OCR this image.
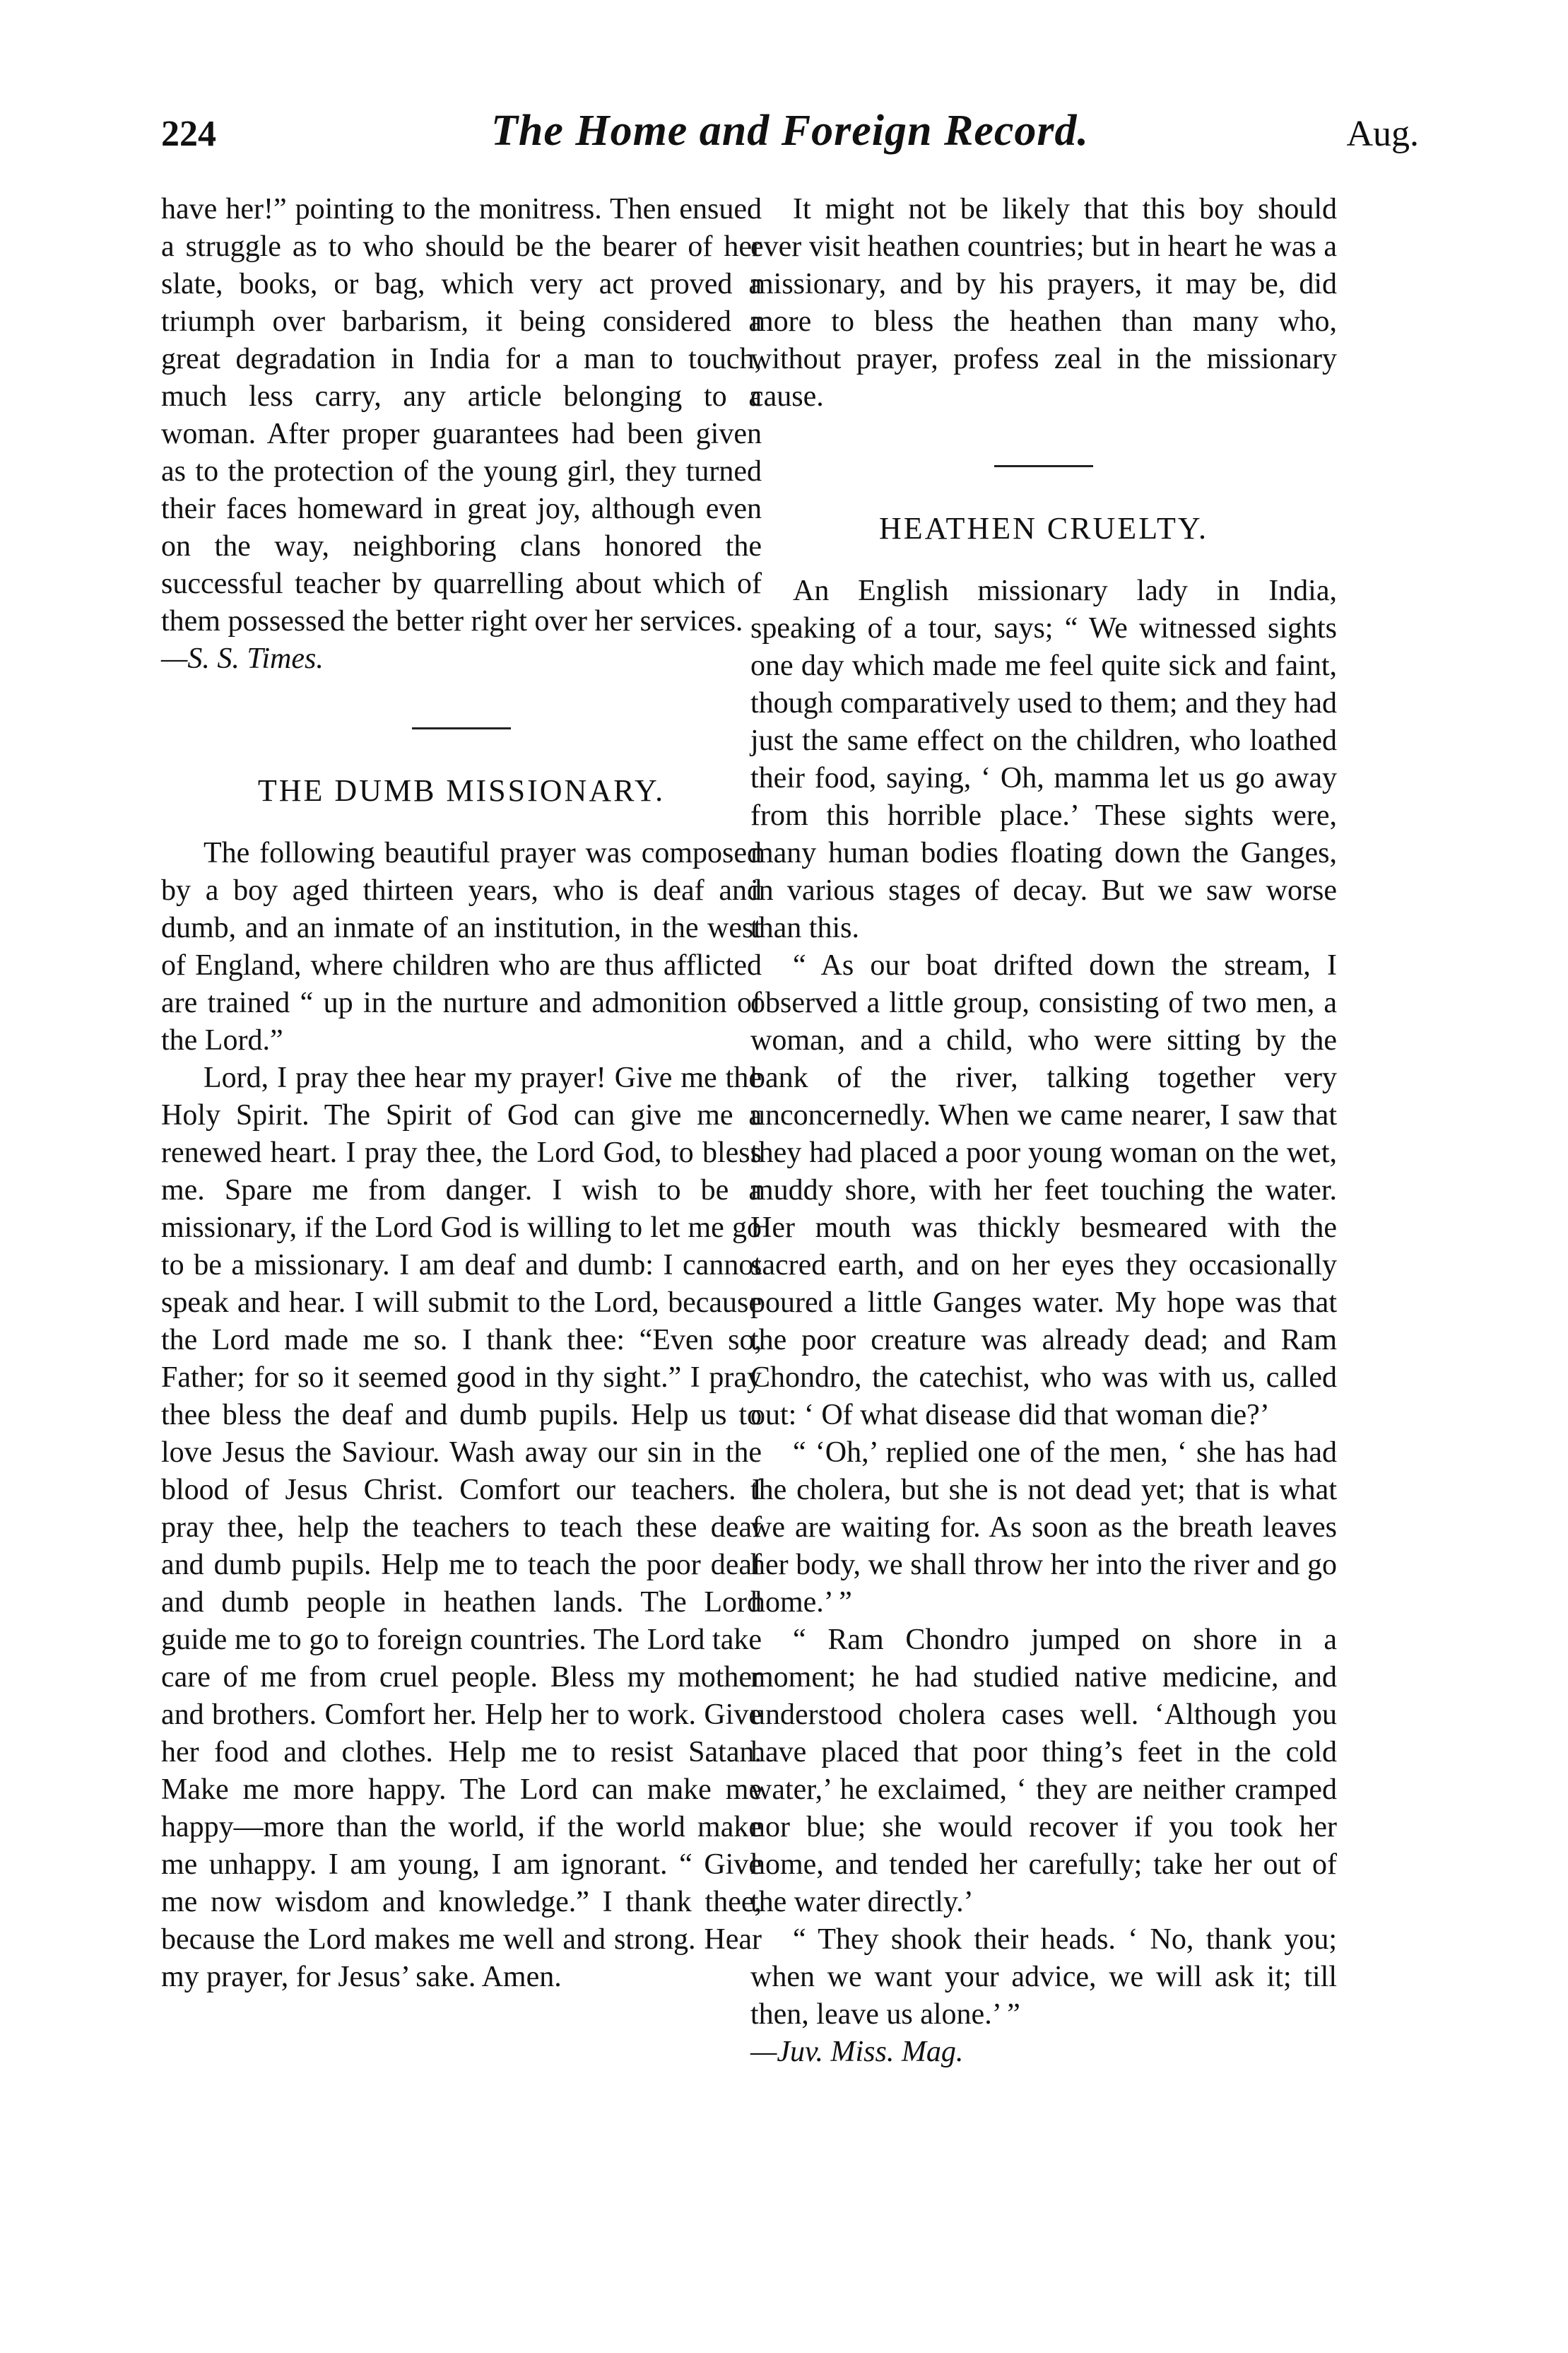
224	The Home and Foreign Record.	Aug.

have her!” pointing to the monitress. Then ensued a struggle as to who should be the bearer of her slate, books, or bag, which very act proved a triumph over barbarism, it being considered a great degradation in India for a man to touch, much less carry, any article belonging to a woman. After proper guarantees had been given as to the protection of the young girl, they turned their faces homeward in great joy, although even on the way, neighboring clans honored the successful teacher by quarrelling about which of them possessed the better right over her services.

—S. S. Times.

THE DUMB MISSIONARY.

The following beautiful prayer was composed by a boy aged thirteen years, who is deaf and dumb, and an inmate of an institution, in the west of England, where children who are thus afflicted are trained “ up in the nurture and admonition of the Lord.”

Lord, I pray thee hear my prayer! Give me the Holy Spirit. The Spirit of God can give me a renewed heart. I pray thee, the Lord God, to bless me. Spare me from danger. I wish to be a missionary, if the Lord God is willing to let me go to be a missionary. I am deaf and dumb: I cannot speak and hear. I will submit to the Lord, because the Lord made me so. I thank thee: “Even so, Father; for so it seemed good in thy sight.” I pray thee bless the deaf and dumb pupils. Help us to love Jesus the Saviour. Wash away our sin in the blood of Jesus Christ. Comfort our teachers. I pray thee, help the teachers to teach these deaf and dumb pupils. Help me to teach the poor deaf and dumb people in heathen lands. The Lord guide me to go to foreign countries. The Lord take care of me from cruel people. Bless my mother and brothers. Comfort her. Help her to work. Give her food and clothes. Help me to resist Satan. Make me more happy. The Lord can make me happy—more than the world, if the world make me unhappy. I am young, I am ignorant. “ Give me now wisdom and knowledge.” I thank thee, because the Lord makes me well and strong. Hear my prayer, for Jesus’ sake. Amen.

It might not be likely that this boy should ever visit heathen countries; but in heart he was a missionary, and by his prayers, it may be, did more to bless the heathen than many who, without prayer, profess zeal in the missionary cause.

HEATHEN CRUELTY.

An English missionary lady in India, speaking of a tour, says; “ We witnessed sights one day which made me feel quite sick and faint, though comparatively used to them; and they had just the same effect on the children, who loathed their food, saying, ‘ Oh, mamma let us go away from this horrible place.’ These sights were, many human bodies floating down the Ganges, in various stages of decay. But we saw worse than this.

“ As our boat drifted down the stream, I observed a little group, consisting of two men, a woman, and a child, who were sitting by the bank of the river, talking together very unconcernedly. When we came nearer, I saw that they had placed a poor young woman on the wet, muddy shore, with her feet touching the water. Her mouth was thickly besmeared with the sacred earth, and on her eyes they occasionally poured a little Ganges water. My hope was that the poor creature was already dead; and Ram Chondro, the catechist, who was with us, called out: ‘ Of what disease did that woman die?’

“ ‘Oh,’ replied one of the men, ‘ she has had the cholera, but she is not dead yet; that is what we are waiting for. As soon as the breath leaves her body, we shall throw her into the river and go home.’ ”

“ Ram Chondro jumped on shore in a moment; he had studied native medicine, and understood cholera cases well. ‘Although you have placed that poor thing’s feet in the cold water,’ he exclaimed, ‘ they are neither cramped nor blue; she would recover if you took her home, and tended her carefully; take her out of the water directly.’

“ They shook their heads. ‘ No, thank you; when we want your advice, we will ask it; till then, leave us alone.’ ”

—Juv. Miss. Mag.
